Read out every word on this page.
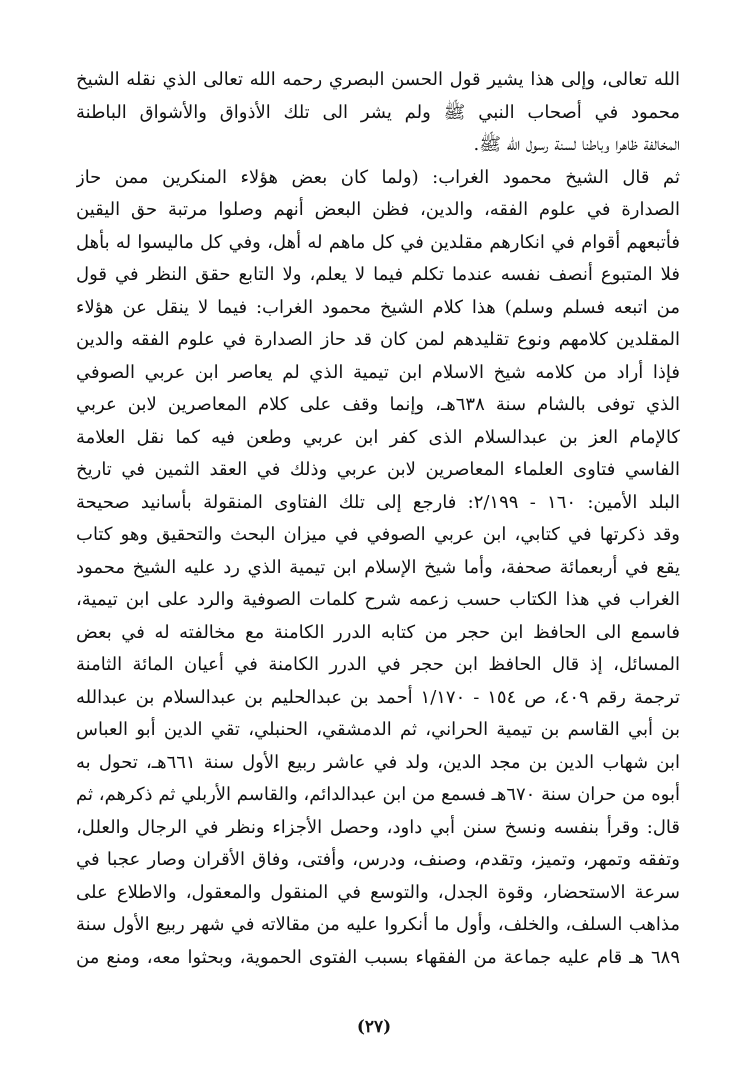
الله تعالى، وإلى هذا يشير قول الحسن البصري رحمه الله تعالى الذي نقله الشيخ
محمود في أصحاب النبي ﷺ ولم يشر الى تلك الأذواق والأشواق الباطنة
المخالفة ظاهرا وباطنا لسنة رسول الله ﷺ.
ثم قال الشيخ محمود الغراب: (ولما كان بعض هؤلاء المنكرين ممن حاز
الصدارة في علوم الفقه، والدين، فظن البعض أنهم وصلوا مرتبة حق اليقين
فأتبعهم أقوام في انكارهم مقلدين في كل ماهم له أهل، وفي كل ماليسوا له بأهل
فلا المتبوع أنصف نفسه عندما تكلم فيما لا يعلم، ولا التابع حقق النظر في قول
من اتبعه فسلم وسلم) هذا كلام الشيخ محمود الغراب: فيما لا ينقل عن هؤلاء
المقلدين كلامهم ونوع تقليدهم لمن كان قد حاز الصدارة في علوم الفقه والدين
فإذا أراد من كلامه شيخ الاسلام ابن تيمية الذي لم يعاصر ابن عربي الصوفي
الذي توفى بالشام سنة ٦٣٨هـ، وإنما وقف على كلام المعاصرين لابن عربي
كالإمام العز بن عبدالسلام الذى كفر ابن عربي وطعن فيه كما نقل العلامة
الفاسي فتاوى العلماء المعاصرين لابن عربي وذلك في العقد الثمين في تاريخ
البلد الأمين: ١٦٠ - ٢/١٩٩: فارجع إلى تلك الفتاوى المنقولة بأسانيد صحيحة
وقد ذكرتها في كتابي، ابن عربي الصوفي في ميزان البحث والتحقيق وهو كتاب
يقع في أربعمائة صحفة، وأما شيخ الإسلام ابن تيمية الذي رد عليه الشيخ محمود
الغراب في هذا الكتاب حسب زعمه شرح كلمات الصوفية والرد على ابن تيمية،
فاسمع الى الحافظ ابن حجر من كتابه الدرر الكامنة مع مخالفته له في بعض
المسائل، إذ قال الحافظ ابن حجر في الدرر الكامنة في أعيان المائة الثامنة
ترجمة رقم ٤٠٩، ص ١٥٤ - ١/١٧٠ أحمد بن عبدالحليم بن عبدالسلام بن عبدالله
بن أبي القاسم بن تيمية الحراني، ثم الدمشقي، الحنبلي، تقي الدين أبو العباس
ابن شهاب الدين بن مجد الدين، ولد في عاشر ربيع الأول سنة ٦٦١هـ، تحول به
أبوه من حران سنة ٦٧٠هـ فسمع من ابن عبدالدائم، والقاسم الأربلي ثم ذكرهم، ثم
قال: وقرأ بنفسه ونسخ سنن أبي داود، وحصل الأجزاء ونظر في الرجال والعلل،
وتفقه وتمهر، وتميز، وتقدم، وصنف، ودرس، وأفتى، وفاق الأقران وصار عجبا في
سرعة الاستحضار، وقوة الجدل، والتوسع في المنقول والمعقول، والاطلاع على
مذاهب السلف، والخلف، وأول ما أنكروا عليه من مقالاته في شهر ربيع الأول سنة
٦٨٩ هـ قام عليه جماعة من الفقهاء بسبب الفتوى الحموية، وبحثوا معه، ومنع من
(٢٧)
